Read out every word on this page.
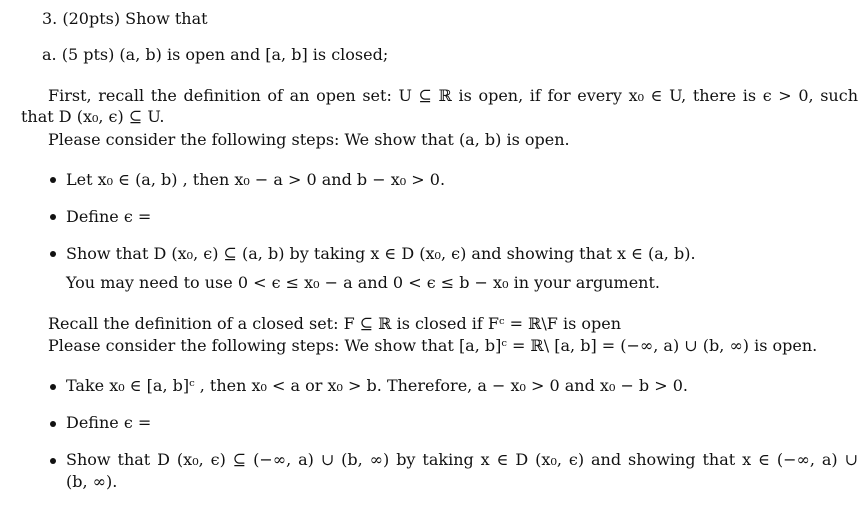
3. (20pts) Show that
a. (5 pts) (a, b) is open and [a, b] is closed;
First, recall the definition of an open set: U ⊆ ℝ is open, if for every x₀ ∈ U, there is ϵ > 0, such
that D (x₀, ϵ) ⊆ U.
Please consider the following steps: We show that (a, b) is open.
Let x₀ ∈ (a, b) , then x₀ − a > 0 and b − x₀ > 0.
Define ϵ =
Show that D (x₀, ϵ) ⊆ (a, b) by taking x ∈ D (x₀, ϵ) and showing that x ∈ (a, b).
You may need to use 0 < ϵ ≤ x₀ − a and 0 < ϵ ≤ b − x₀ in your argument.
Recall the definition of a closed set: F ⊆ ℝ is closed if Fᶜ = ℝ\F is open
Please consider the following steps: We show that [a, b]ᶜ = ℝ\ [a, b] = (−∞, a) ∪ (b, ∞) is open.
Take x₀ ∈ [a, b]ᶜ , then x₀ < a or x₀ > b. Therefore, a − x₀ > 0 and x₀ − b > 0.
Define ϵ =
Show that D (x₀, ϵ) ⊆ (−∞, a) ∪ (b, ∞) by taking x ∈ D (x₀, ϵ) and showing that x ∈ (−∞, a) ∪
(b, ∞).
